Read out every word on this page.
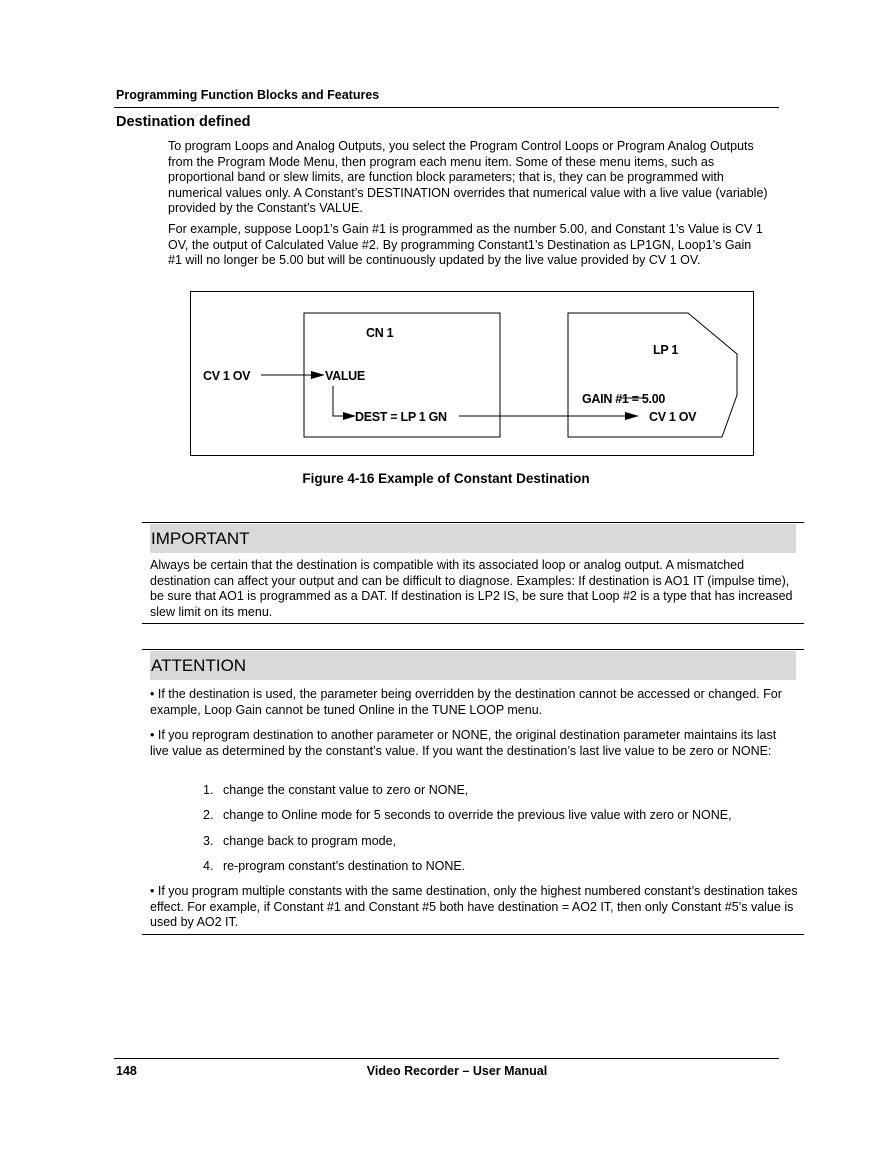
Programming Function Blocks and Features
Destination defined

To program Loops and Analog Outputs, you select the Program Control Loops or Program Analog Outputs from the Program Mode Menu, then program each menu item. Some of these menu items, such as proportional band or slew limits, are function block parameters; that is, they can be programmed with numerical values only. A Constant’s DESTINATION overrides that numerical value with a live value (variable) provided by the Constant’s VALUE.

For example, suppose Loop1’s Gain #1 is programmed as the number 5.00, and Constant 1’s Value is CV 1 OV, the output of Calculated Value #2. By programming Constant1’s Destination as LP1GN, Loop1’s Gain #1 will no longer be 5.00 but will be continuously updated by the live value provided by CV 1 OV.

CN 1
LP 1
CV 1 OV	VALUE
DEST = LP 1 GN
GAIN #1 = 5.00
CV 1 OV
Figure 4-16 Example of Constant Destination
IMPORTANT

Always be certain that the destination is compatible with its associated loop or analog output. A mismatched destination can affect your output and can be difficult to diagnose. Examples: If destination is AO1 IT (impulse time), be sure that AO1 is programmed as a DAT. If destination is LP2 IS, be sure that Loop #2 is a type that has increased slew limit on its menu.

ATTENTION

• If the destination is used, the parameter being overridden by the destination cannot be accessed or changed. For example, Loop Gain cannot be tuned Online in the TUNE LOOP menu.

• If you reprogram destination to another parameter or NONE, the original destination parameter maintains its last live value as determined by the constant’s value. If you want the destination’s last live value to be zero or NONE:

1. change the constant value to zero or NONE,
2. change to Online mode for 5 seconds to override the previous live value with zero or NONE,
3. change back to program mode,
4. re-program constant’s destination to NONE.

• If you program multiple constants with the same destination, only the highest numbered constant’s destination takes effect. For example, if Constant #1 and Constant #5 both have destination = AO2 IT, then only Constant #5’s value is used by AO2 IT.

148	Video Recorder – User Manual
